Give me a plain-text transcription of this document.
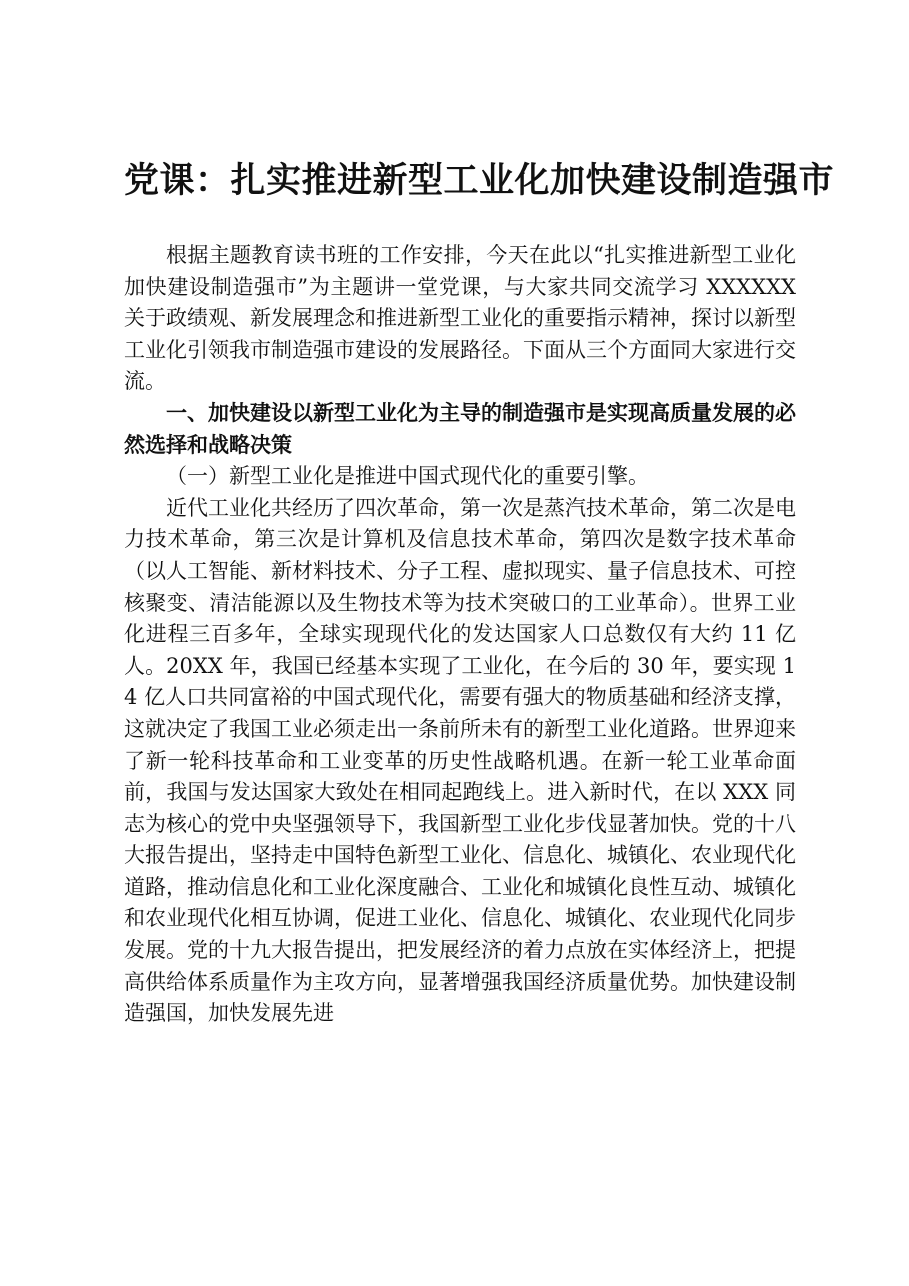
党课：扎实推进新型工业化加快建设制造强市

根据主题教育读书班的工作安排，今天在此以“扎实推进新型工业化加快建设制造强市”为主题讲一堂党课，与大家共同交流学习 XXXXXX 关于政绩观、新发展理念和推进新型工业化的重要指示精神，探讨以新型工业化引领我市制造强市建设的发展路径。下面从三个方面同大家进行交流。

一、加快建设以新型工业化为主导的制造强市是实现高质量发展的必然选择和战略决策

（一）新型工业化是推进中国式现代化的重要引擎。

近代工业化共经历了四次革命，第一次是蒸汽技术革命，第二次是电力技术革命，第三次是计算机及信息技术革命，第四次是数字技术革命（以人工智能、新材料技术、分子工程、虚拟现实、量子信息技术、可控核聚变、清洁能源以及生物技术等为技术突破口的工业革命）。世界工业化进程三百多年，全球实现现代化的发达国家人口总数仅有大约 11 亿人。20XX 年，我国已经基本实现了工业化，在今后的 30 年，要实现 14 亿人口共同富裕的中国式现代化，需要有强大的物质基础和经济支撑，这就决定了我国工业必须走出一条前所未有的新型工业化道路。世界迎来了新一轮科技革命和工业变革的历史性战略机遇。在新一轮工业革命面前，我国与发达国家大致处在相同起跑线上。进入新时代，在以 XXX 同志为核心的党中央坚强领导下，我国新型工业化步伐显著加快。党的十八大报告提出，坚持走中国特色新型工业化、信息化、城镇化、农业现代化道路，推动信息化和工业化深度融合、工业化和城镇化良性互动、城镇化和农业现代化相互协调，促进工业化、信息化、城镇化、农业现代化同步发展。党的十九大报告提出，把发展经济的着力点放在实体经济上，把提高供给体系质量作为主攻方向，显著增强我国经济质量优势。加快建设制造强国，加快发展先进
